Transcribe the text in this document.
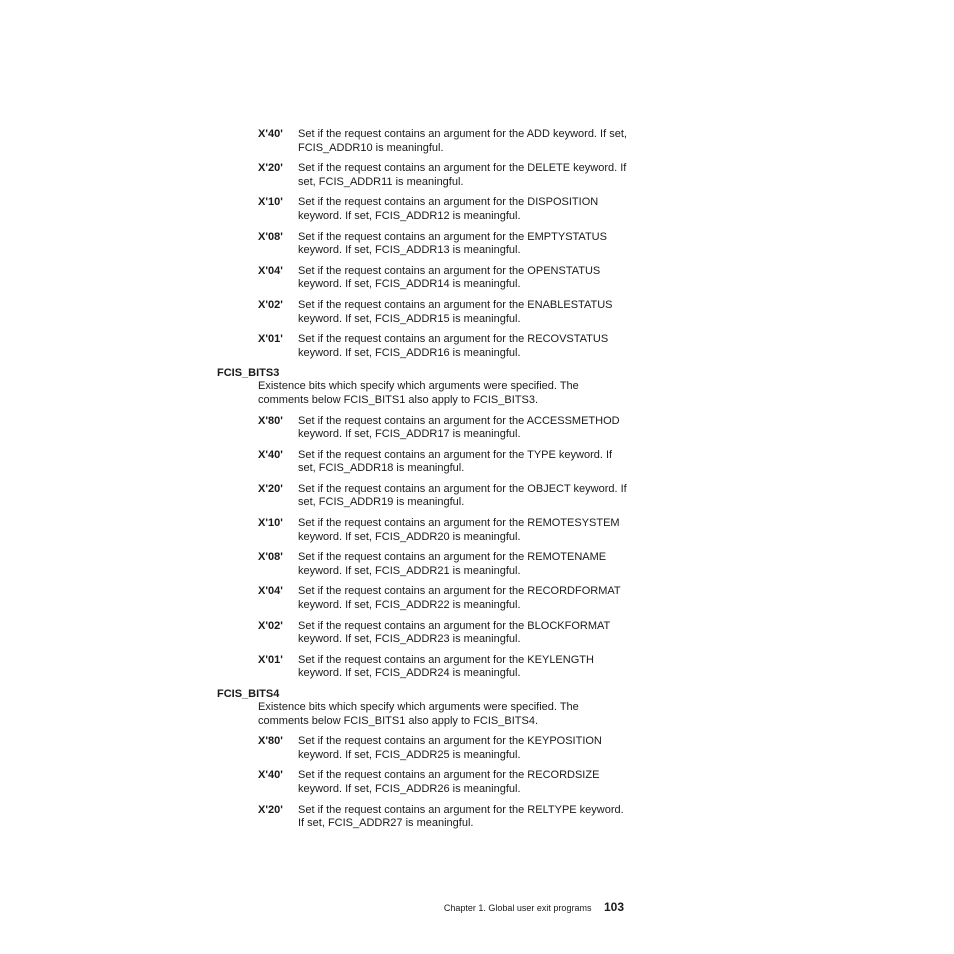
X'40'	Set if the request contains an argument for the ADD keyword. If set, FCIS_ADDR10 is meaningful.
X'20'	Set if the request contains an argument for the DELETE keyword. If set, FCIS_ADDR11 is meaningful.
X'10'	Set if the request contains an argument for the DISPOSITION keyword. If set, FCIS_ADDR12 is meaningful.
X'08'	Set if the request contains an argument for the EMPTYSTATUS keyword. If set, FCIS_ADDR13 is meaningful.
X'04'	Set if the request contains an argument for the OPENSTATUS keyword. If set, FCIS_ADDR14 is meaningful.
X'02'	Set if the request contains an argument for the ENABLESTATUS keyword. If set, FCIS_ADDR15 is meaningful.
X'01'	Set if the request contains an argument for the RECOVSTATUS keyword. If set, FCIS_ADDR16 is meaningful.
FCIS_BITS3
Existence bits which specify which arguments were specified. The comments below FCIS_BITS1 also apply to FCIS_BITS3.
X'80'	Set if the request contains an argument for the ACCESSMETHOD keyword. If set, FCIS_ADDR17 is meaningful.
X'40'	Set if the request contains an argument for the TYPE keyword. If set, FCIS_ADDR18 is meaningful.
X'20'	Set if the request contains an argument for the OBJECT keyword. If set, FCIS_ADDR19 is meaningful.
X'10'	Set if the request contains an argument for the REMOTESYSTEM keyword. If set, FCIS_ADDR20 is meaningful.
X'08'	Set if the request contains an argument for the REMOTENAME keyword. If set, FCIS_ADDR21 is meaningful.
X'04'	Set if the request contains an argument for the RECORDFORMAT keyword. If set, FCIS_ADDR22 is meaningful.
X'02'	Set if the request contains an argument for the BLOCKFORMAT keyword. If set, FCIS_ADDR23 is meaningful.
X'01'	Set if the request contains an argument for the KEYLENGTH keyword. If set, FCIS_ADDR24 is meaningful.
FCIS_BITS4
Existence bits which specify which arguments were specified. The comments below FCIS_BITS1 also apply to FCIS_BITS4.
X'80'	Set if the request contains an argument for the KEYPOSITION keyword. If set, FCIS_ADDR25 is meaningful.
X'40'	Set if the request contains an argument for the RECORDSIZE keyword. If set, FCIS_ADDR26 is meaningful.
X'20'	Set if the request contains an argument for the RELTYPE keyword. If set, FCIS_ADDR27 is meaningful.
Chapter 1. Global user exit programs 103
